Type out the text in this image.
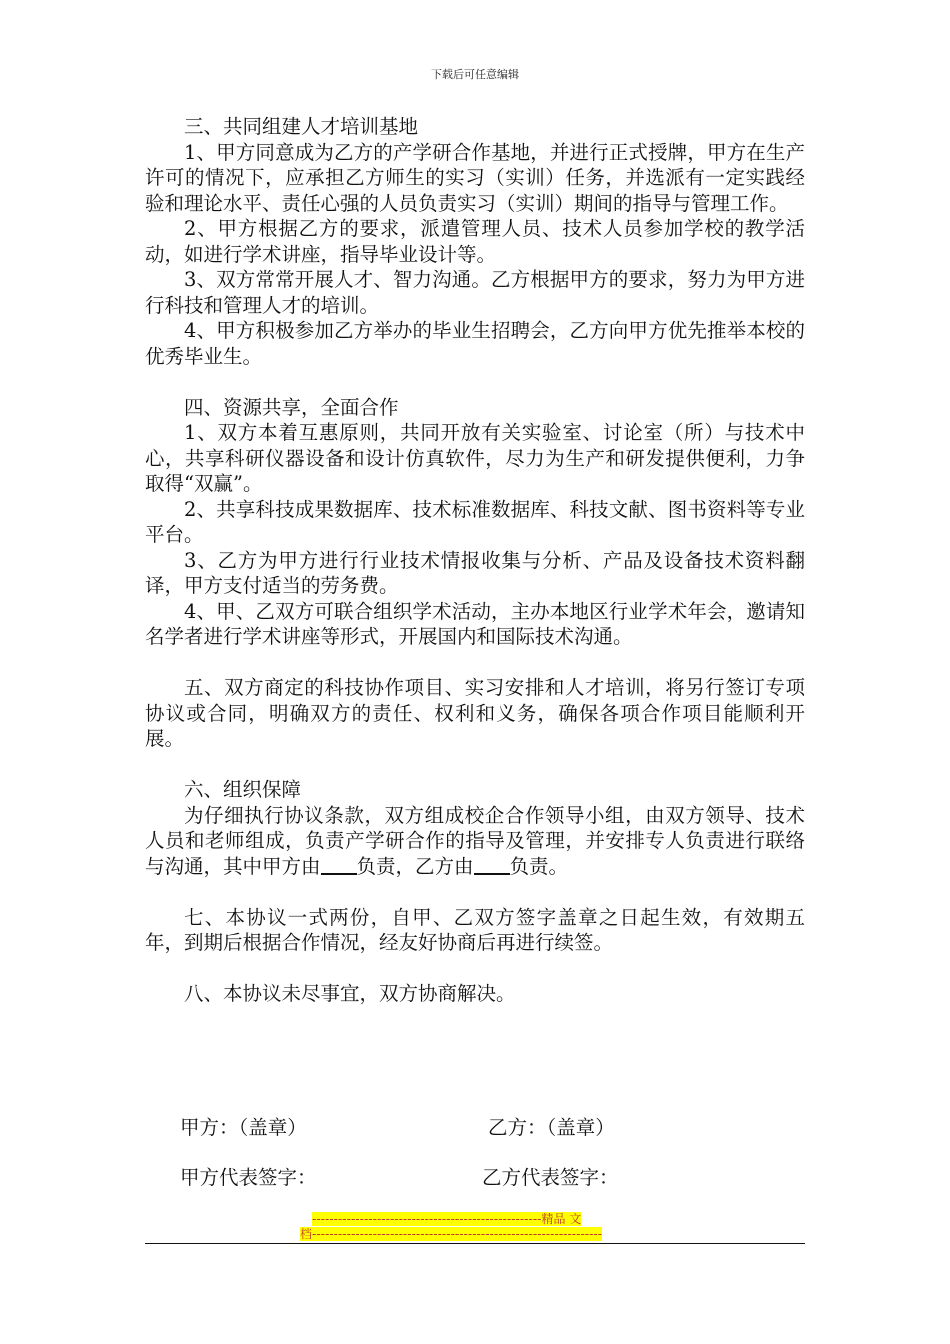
下载后可任意编辑

三、共同组建人才培训基地

1、甲方同意成为乙方的产学研合作基地，并进行正式授牌，甲方在生产许可的情况下，应承担乙方师生的实习（实训）任务，并选派有一定实践经验和理论水平、责任心强的人员负责实习（实训）期间的指导与管理工作。

2、甲方根据乙方的要求，派遣管理人员、技术人员参加学校的教学活动，如进行学术讲座，指导毕业设计等。

3、双方常常开展人才、智力沟通。乙方根据甲方的要求，努力为甲方进行科技和管理人才的培训。

4、甲方积极参加乙方举办的毕业生招聘会，乙方向甲方优先推举本校的优秀毕业生。

四、资源共享，全面合作

1、双方本着互惠原则，共同开放有关实验室、讨论室（所）与技术中心，共享科研仪器设备和设计仿真软件，尽力为生产和研发提供便利，力争取得“双赢”。

2、共享科技成果数据库、技术标准数据库、科技文献、图书资料等专业平台。

3、乙方为甲方进行行业技术情报收集与分析、产品及设备技术资料翻译，甲方支付适当的劳务费。

4、甲、乙双方可联合组织学术活动，主办本地区行业学术年会，邀请知名学者进行学术讲座等形式，开展国内和国际技术沟通。

五、双方商定的科技协作项目、实习安排和人才培训，将另行签订专项协议或合同，明确双方的责任、权利和义务，确保各项合作项目能顺利开展。

六、组织保障

为仔细执行协议条款，双方组成校企合作领导小组，由双方领导、技术人员和老师组成，负责产学研合作的指导及管理，并安排专人负责进行联络与沟通，其中甲方由 负责，乙方由 负责。

七、本协议一式两份，自甲、乙双方签字盖章之日起生效，有效期五年，到期后根据合作情况，经友好协商后再进行续签。

八、本协议未尽事宜，双方协商解决。

甲方：（盖章）	乙方：（盖章）
甲方代表签字：	乙方代表签字：
-----------------------------------------------------精品 文
档-------------------------------------------------------------------
